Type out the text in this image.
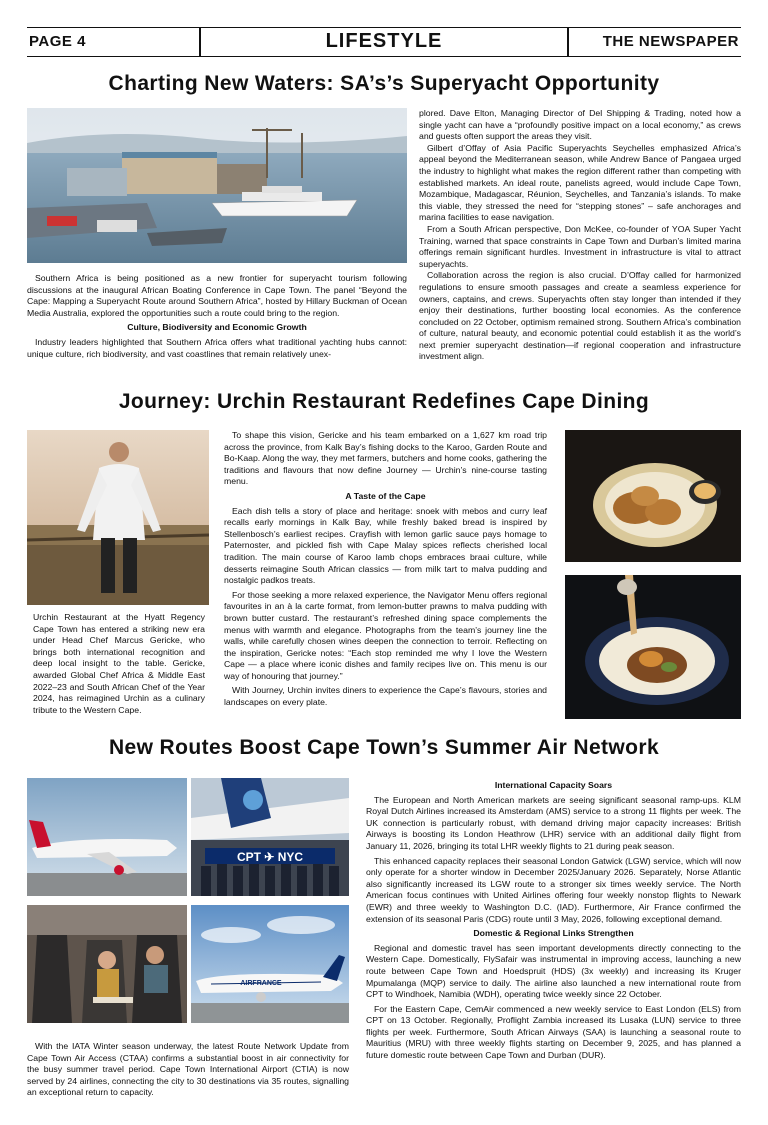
PAGE 4	LIFESTYLE	THE NEWSPAPER
Charting New Waters: SA’s’s Superyacht Opportunity

Southern Africa is being positioned as a new frontier for superyacht tourism following discussions at the inaugural African Boating Conference in Cape Town. The panel “Beyond the Cape: Mapping a Superyacht Route around Southern Africa”, hosted by Hillary Buckman of Ocean Media Australia, explored the opportunities such a route could bring to the region.

Culture, Biodiversity and Economic Growth

Industry leaders highlighted that Southern Africa offers what traditional yachting hubs cannot: unique culture, rich biodiversity, and vast coastlines that remain relatively unex-

plored. Dave Elton, Managing Director of Del Shipping & Trading, noted how a single yacht can have a “profoundly positive impact on a local economy,” as crews and guests often support the areas they visit.

Gilbert d’Offay of Asia Pacific Superyachts Seychelles emphasized Africa’s appeal beyond the Mediterranean season, while Andrew Bance of Pangaea urged the industry to highlight what makes the region different rather than competing with established markets. An ideal route, panelists agreed, would include Cape Town, Mozambique, Madagascar, Réunion, Seychelles, and Tanzania’s islands. To make this viable, they stressed the need for “stepping stones” – safe anchorages and marina facilities to ease navigation.

From a South African perspective, Don McKee, co-founder of YOA Super Yacht Training, warned that space constraints in Cape Town and Durban’s limited marina offerings remain significant hurdles. Investment in infrastructure is vital to attract superyachts.

Collaboration across the region is also crucial. D’Offay called for harmonized regulations to ensure smooth passages and create a seamless experience for owners, captains, and crews. Superyachts often stay longer than intended if they enjoy their destinations, further boosting local economies. As the conference concluded on 22 October, optimism remained strong. Southern Africa’s combination of culture, natural beauty, and economic potential could establish it as the world’s next premier superyacht destination—if regional cooperation and infrastructure investment align.

Journey: Urchin Restaurant Redefines Cape Dining

Urchin Restaurant at the Hyatt Regency Cape Town has entered a striking new era under Head Chef Marcus Gericke, who brings both international recognition and deep local insight to the table. Gericke, awarded Global Chef Africa & Middle East 2022–23 and South African Chef of the Year 2024, has reimagined Urchin as a culinary tribute to the Western Cape.

To shape this vision, Gericke and his team embarked on a 1,627 km road trip across the province, from Kalk Bay’s fishing docks to the Karoo, Garden Route and Bo-Kaap. Along the way, they met farmers, butchers and home cooks, gathering the traditions and flavours that now define Journey — Urchin’s nine-course tasting menu.

A Taste of the Cape

Each dish tells a story of place and heritage: snoek with mebos and curry leaf recalls early mornings in Kalk Bay, while freshly baked bread is inspired by Stellenbosch’s earliest recipes. Crayfish with lemon garlic sauce pays homage to Paternoster, and pickled fish with Cape Malay spices reflects cherished local tradition. The main course of Karoo lamb chops embraces braai culture, while desserts reimagine South African classics — from milk tart to malva pudding and nostalgic padkos treats.

For those seeking a more relaxed experience, the Navigator Menu offers regional favourites in an à la carte format, from lemon-butter prawns to malva pudding with brown butter custard. The restaurant’s refreshed dining space complements the menus with warmth and elegance. Photographs from the team’s journey line the walls, while carefully chosen wines deepen the connection to terroir. Reflecting on the inspiration, Gericke notes: “Each stop reminded me why I love the Western Cape — a place where iconic dishes and family recipes live on. This menu is our way of honouring that journey.”

With Journey, Urchin invites diners to experience the Cape’s flavours, stories and landscapes on every plate.

New Routes Boost Cape Town’s Summer Air Network
CPT ✈ NYC
AIRFRANCE

With the IATA Winter season underway, the latest Route Network Update from Cape Town Air Access (CTAA) confirms a substantial boost in air connectivity for the busy summer travel period. Cape Town International Airport (CTIA) is now served by 24 airlines, connecting the city to 30 destinations via 35 routes, signalling an exceptional return to capacity.

International Capacity Soars

The European and North American markets are seeing significant seasonal ramp-ups. KLM Royal Dutch Airlines increased its Amsterdam (AMS) service to a strong 11 flights per week. The UK connection is particularly robust, with demand driving major capacity increases: British Airways is boosting its London Heathrow (LHR) service with an additional daily flight from January 11, 2026, bringing its total LHR weekly flights to 21 during peak season.

This enhanced capacity replaces their seasonal London Gatwick (LGW) service, which will now only operate for a shorter window in December 2025/January 2026. Separately, Norse Atlantic also significantly increased its LGW route to a stronger six times weekly service. The North American focus continues with United Airlines offering four weekly nonstop flights to Newark (EWR) and three weekly to Washington D.C. (IAD). Furthermore, Air France confirmed the extension of its seasonal Paris (CDG) route until 3 May, 2026, following exceptional demand.

Domestic & Regional Links Strengthen

Regional and domestic travel has seen important developments directly connecting to the Western Cape. Domestically, FlySafair was instrumental in improving access, launching a new route between Cape Town and Hoedspruit (HDS) (3x weekly) and increasing its Kruger Mpumalanga (MQP) service to daily. The airline also launched a new international route from CPT to Windhoek, Namibia (WDH), operating twice weekly since 22 October.

For the Eastern Cape, CemAir commenced a new weekly service to East London (ELS) from CPT on 13 October. Regionally, Proflight Zambia increased its Lusaka (LUN) service to three flights per week. Furthermore, South African Airways (SAA) is launching a seasonal route to Mauritius (MRU) with three weekly flights starting on December 9, 2025, and has planned a future domestic route between Cape Town and Durban (DUR).
